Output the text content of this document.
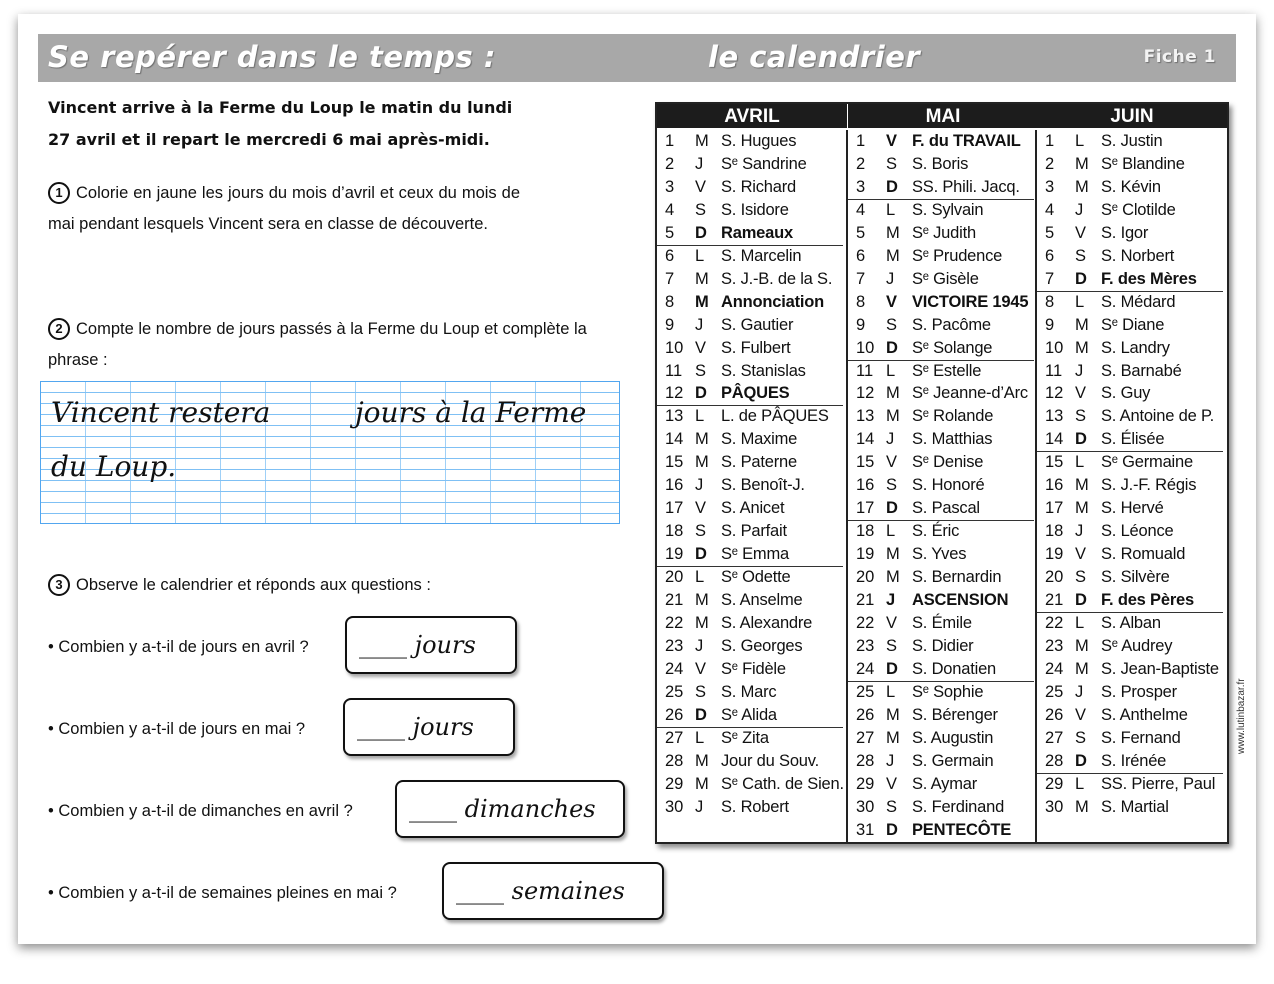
Se repérer dans le temps :	le calendrier	Fiche 1
Vincent arrive à la Ferme du Loup le matin du lundi
27 avril et il repart le mercredi 6 mai après-midi.
1 Colorie en jaune les jours du mois d’avril et ceux du mois de mai pendant lesquels Vincent sera en classe de découverte.
2 Compte le nombre de jours passés à la Ferme du Loup et complète la phrase :
Vincent restera	jours à la Ferme
du Loup.
3 Observe le calendrier et réponds aux questions :
• Combien y a-t-il de jours en avril ?	____ jours
• Combien y a-t-il de jours en mai ?	____ jours
• Combien y a-t-il de dimanches en avril ?	____ dimanches
• Combien y a-t-il de semaines pleines en mai ?	____ semaines
AVRIL
1 M S. Hugues
2 J Sᵉ Sandrine
3 V S. Richard
4 S S. Isidore
5 D Rameaux
6 L S. Marcelin
7 M S. J.-B. de la S.
8 M Annonciation
9 J S. Gautier
10 V S. Fulbert
11 S S. Stanislas
12 D PÂQUES
13 L L. de PÂQUES
14 M S. Maxime
15 M S. Paterne
16 J S. Benoît-J.
17 V S. Anicet
18 S S. Parfait
19 D Sᵉ Emma
20 L Sᵉ Odette
21 M S. Anselme
22 M S. Alexandre
23 J S. Georges
24 V Sᵉ Fidèle
25 S S. Marc
26 D Sᵉ Alida
27 L Sᵉ Zita
28 M Jour du Souv.
29 M Sᵉ Cath. de Sien.
30 J S. Robert
MAI
1 V F. du TRAVAIL
2 S S. Boris
3 D SS. Phili. Jacq.
4 L S. Sylvain
5 M Sᵉ Judith
6 M Sᵉ Prudence
7 J Sᵉ Gisèle
8 V VICTOIRE 1945
9 S S. Pacôme
10 D Sᵉ Solange
11 L Sᵉ Estelle
12 M Sᵉ Jeanne-d’Arc
13 M Sᵉ Rolande
14 J S. Matthias
15 V Sᵉ Denise
16 S S. Honoré
17 D S. Pascal
18 L S. Éric
19 M S. Yves
20 M S. Bernardin
21 J ASCENSION
22 V S. Émile
23 S S. Didier
24 D S. Donatien
25 L Sᵉ Sophie
26 M S. Bérenger
27 M S. Augustin
28 J S. Germain
29 V S. Aymar
30 S S. Ferdinand
31 D PENTECÔTE
JUIN
1 L S. Justin
2 M Sᵉ Blandine
3 M S. Kévin
4 J Sᵉ Clotilde
5 V S. Igor
6 S S. Norbert
7 D F. des Mères
8 L S. Médard
9 M Sᵉ Diane
10 M S. Landry
11 J S. Barnabé
12 V S. Guy
13 S S. Antoine de P.
14 D S. Élisée
15 L Sᵉ Germaine
16 M S. J.-F. Régis
17 M S. Hervé
18 J S. Léonce
19 V S. Romuald
20 S S. Silvère
21 D F. des Pères
22 L S. Alban
23 M Sᵉ Audrey
24 M S. Jean-Baptiste
25 J S. Prosper
26 V S. Anthelme
27 S S. Fernand
28 D S. Irénée
29 L SS. Pierre, Paul
30 M S. Martial
www.lutinbazar.fr
